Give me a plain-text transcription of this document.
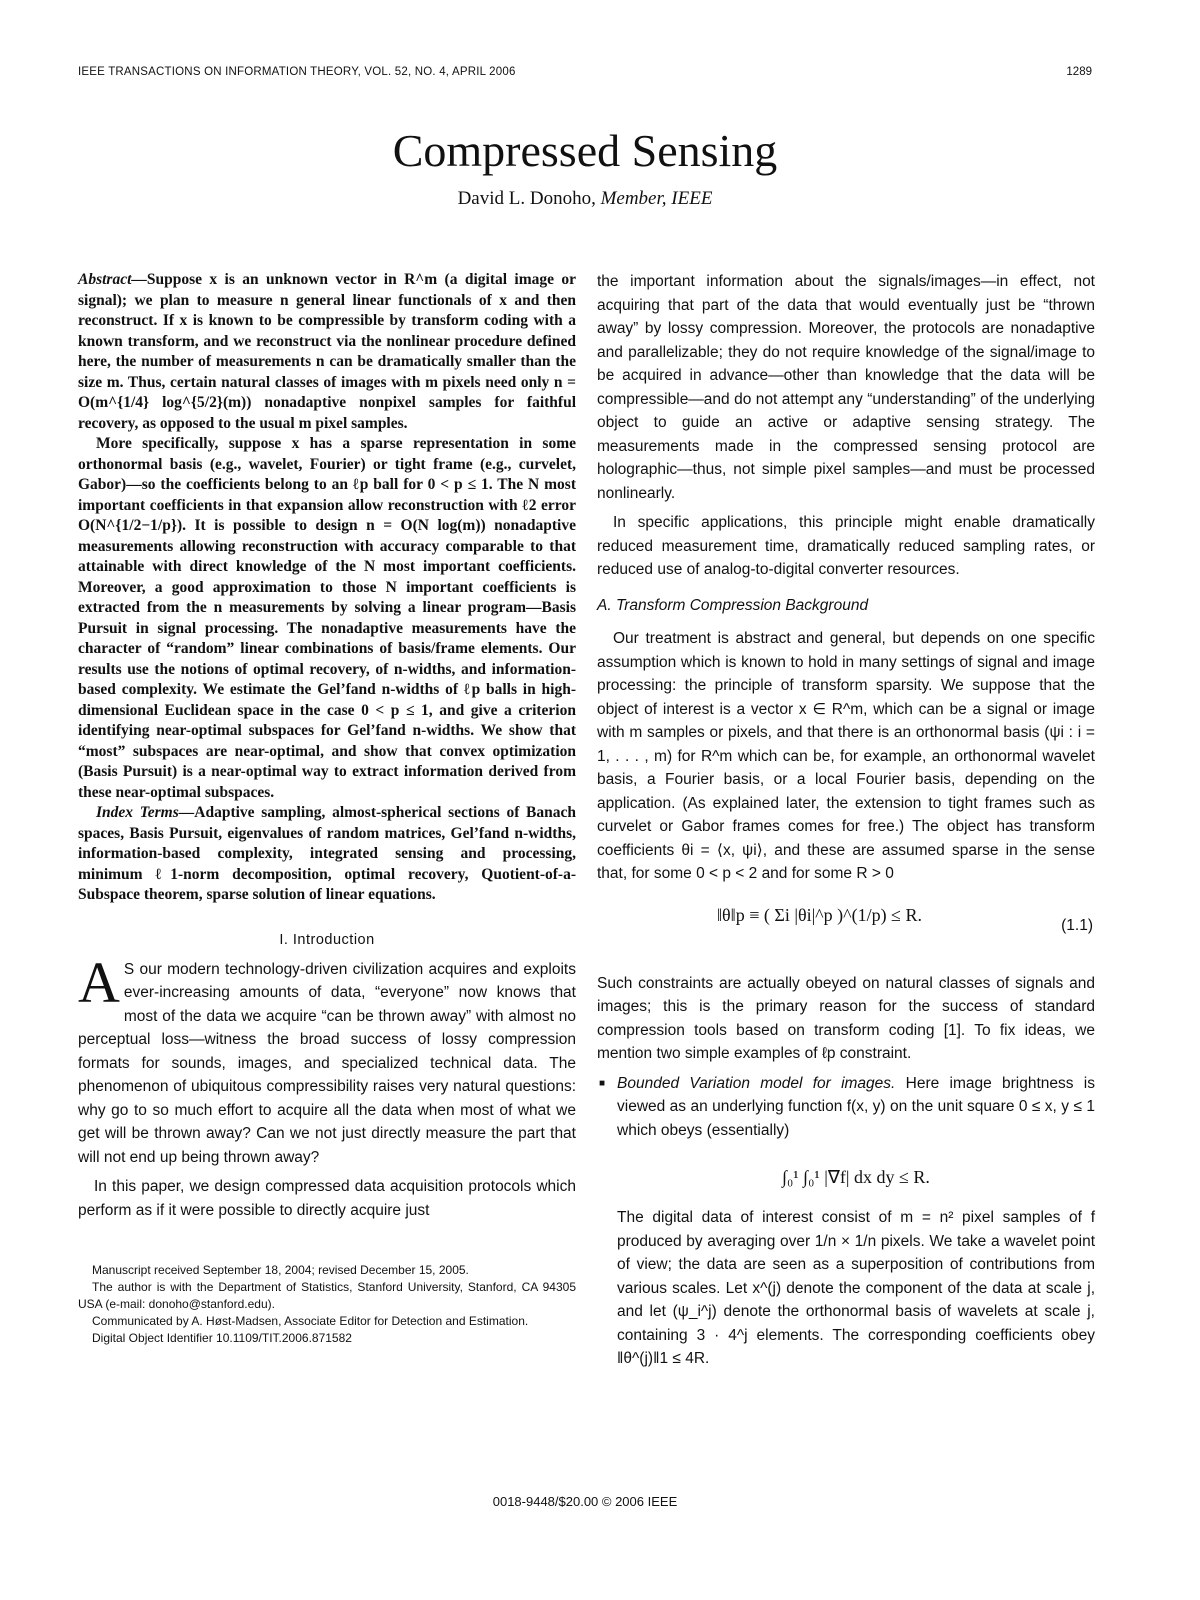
IEEE TRANSACTIONS ON INFORMATION THEORY, VOL. 52, NO. 4, APRIL 2006	1289
Compressed Sensing
David L. Donoho, Member, IEEE

Abstract—Suppose x is an unknown vector in R^m (a digital image or signal); we plan to measure n general linear functionals of x and then reconstruct. If x is known to be compressible by transform coding with a known transform, and we reconstruct via the nonlinear procedure defined here, the number of measurements n can be dramatically smaller than the size m. Thus, certain natural classes of images with m pixels need only n = O(m^{1/4} log^{5/2}(m)) nonadaptive nonpixel samples for faithful recovery, as opposed to the usual m pixel samples.

More specifically, suppose x has a sparse representation in some orthonormal basis (e.g., wavelet, Fourier) or tight frame (e.g., curvelet, Gabor)—so the coefficients belong to an ℓp ball for 0 < p ≤ 1. The N most important coefficients in that expansion allow reconstruction with ℓ2 error O(N^{1/2−1/p}). It is possible to design n = O(N log(m)) nonadaptive measurements allowing reconstruction with accuracy comparable to that attainable with direct knowledge of the N most important coefficients. Moreover, a good approximation to those N important coefficients is extracted from the n measurements by solving a linear program—Basis Pursuit in signal processing. The nonadaptive measurements have the character of “random” linear combinations of basis/frame elements. Our results use the notions of optimal recovery, of n-widths, and information-based complexity. We estimate the Gel’fand n-widths of ℓp balls in high-dimensional Euclidean space in the case 0 < p ≤ 1, and give a criterion identifying near-optimal subspaces for Gel’fand n-widths. We show that “most” subspaces are near-optimal, and show that convex optimization (Basis Pursuit) is a near-optimal way to extract information derived from these near-optimal subspaces.

Index Terms—Adaptive sampling, almost-spherical sections of Banach spaces, Basis Pursuit, eigenvalues of random matrices, Gel’fand n-widths, information-based complexity, integrated sensing and processing, minimum ℓ1-norm decomposition, optimal recovery, Quotient-of-a-Subspace theorem, sparse solution of linear equations.

I. Introduction

A S our modern technology-driven civilization acquires and exploits ever-increasing amounts of data, “everyone” now knows that most of the data we acquire “can be thrown away” with almost no perceptual loss—witness the broad success of lossy compression formats for sounds, images, and specialized technical data. The phenomenon of ubiquitous compressibility raises very natural questions: why go to so much effort to acquire all the data when most of what we get will be thrown away? Can we not just directly measure the part that will not end up being thrown away?

In this paper, we design compressed data acquisition protocols which perform as if it were possible to directly acquire just

Manuscript received September 18, 2004; revised December 15, 2005.

The author is with the Department of Statistics, Stanford University, Stanford, CA 94305 USA (e-mail: donoho@stanford.edu).

Communicated by A. Høst-Madsen, Associate Editor for Detection and Estimation.

Digital Object Identifier 10.1109/TIT.2006.871582

the important information about the signals/images—in effect, not acquiring that part of the data that would eventually just be “thrown away” by lossy compression. Moreover, the protocols are nonadaptive and parallelizable; they do not require knowledge of the signal/image to be acquired in advance—other than knowledge that the data will be compressible—and do not attempt any “understanding” of the underlying object to guide an active or adaptive sensing strategy. The measurements made in the compressed sensing protocol are holographic—thus, not simple pixel samples—and must be processed nonlinearly.

In specific applications, this principle might enable dramatically reduced measurement time, dramatically reduced sampling rates, or reduced use of analog-to-digital converter resources.

A. Transform Compression Background

Our treatment is abstract and general, but depends on one specific assumption which is known to hold in many settings of signal and image processing: the principle of transform sparsity. We suppose that the object of interest is a vector x ∈ R^m, which can be a signal or image with m samples or pixels, and that there is an orthonormal basis (ψi : i = 1, . . . , m) for R^m which can be, for example, an orthonormal wavelet basis, a Fourier basis, or a local Fourier basis, depending on the application. (As explained later, the extension to tight frames such as curvelet or Gabor frames comes for free.) The object has transform coefficients θi = ⟨x, ψi⟩, and these are assumed sparse in the sense that, for some 0 < p < 2 and for some R > 0

‖θ‖p ≡ ( Σi |θi|^p )^(1/p) ≤ R.
(1.1)

Such constraints are actually obeyed on natural classes of signals and images; this is the primary reason for the success of standard compression tools based on transform coding [1]. To fix ideas, we mention two simple examples of ℓp constraint.

■ Bounded Variation model for images. Here image brightness is viewed as an underlying function f(x, y) on the unit square 0 ≤ x, y ≤ 1 which obeys (essentially)

∫₀¹ ∫₀¹ |∇f| dx dy ≤ R.

The digital data of interest consist of m = n² pixel samples of f produced by averaging over 1/n × 1/n pixels. We take a wavelet point of view; the data are seen as a superposition of contributions from various scales. Let x^(j) denote the component of the data at scale j, and let (ψ_i^j) denote the orthonormal basis of wavelets at scale j, containing 3 · 4^j elements. The corresponding coefficients obey ‖θ^(j)‖1 ≤ 4R.

0018-9448/$20.00 © 2006 IEEE
